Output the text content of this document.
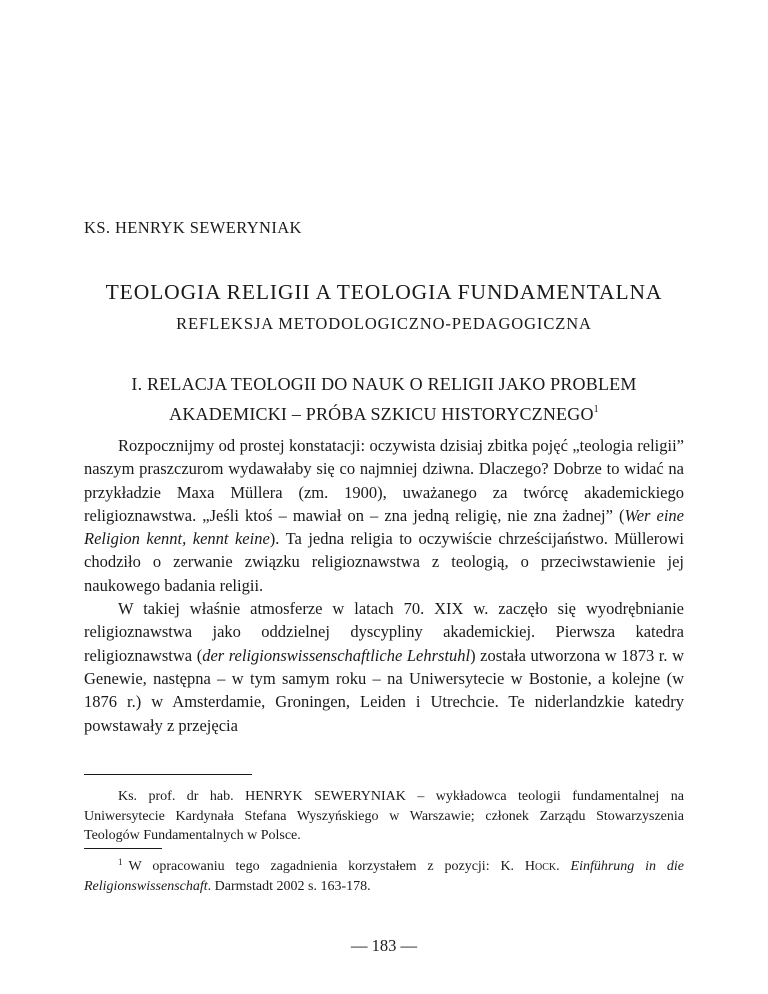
KS. HENRYK SEWERYNIAK
TEOLOGIA RELIGII A TEOLOGIA FUNDAMENTALNA
REFLEKSJA METODOLOGICZNO-PEDAGOGICZNA
I. RELACJA TEOLOGII DO NAUK O RELIGII JAKO PROBLEM
AKADEMICKI – PRÓBA SZKICU HISTORYCZNEGO$^1$

Rozpocznijmy od prostej konstatacji: oczywista dzisiaj zbitka pojęć „teologia religii” naszym praszczurom wydawałaby się co najmniej dziwna. Dlaczego? Dobrze to widać na przykładzie Maxa Müllera (zm. 1900), uważanego za twórcę akademickiego religioznawstwa. „Jeśli ktoś – mawiał on – zna jedną religię, nie zna żadnej” (Wer eine Religion kennt, kennt keine). Ta jedna religia to oczywiście chrześcijaństwo. Müllerowi chodziło o zerwanie związku religioznawstwa z teologią, o przeciwstawienie jej naukowego badania religii.

W takiej właśnie atmosferze w latach 70. XIX w. zaczęło się wyodrębnianie religioznawstwa jako oddzielnej dyscypliny akademickiej. Pierwsza katedra religioznawstwa (der religionswissenschaftliche Lehrstuhl) została utworzona w 1873 r. w Genewie, następna – w tym samym roku – na Uniwersytecie w Bostonie, a kolejne (w 1876 r.) w Amsterdamie, Groningen, Leiden i Utrechcie. Te niderlandzkie katedry powstawały z przejęcia

Ks. prof. dr hab. HENRYK SEWERYNIAK – wykładowca teologii fundamentalnej na Uniwersytecie Kardynała Stefana Wyszyńskiego w Warszawie; członek Zarządu Stowarzyszenia Teologów Fundamentalnych w Polsce.

$^1$ W opracowaniu tego zagadnienia korzystałem z pozycji: K. Hock. Einführung in die Religionswissenschaft. Darmstadt 2002 s. 163-178.

— 183 —
